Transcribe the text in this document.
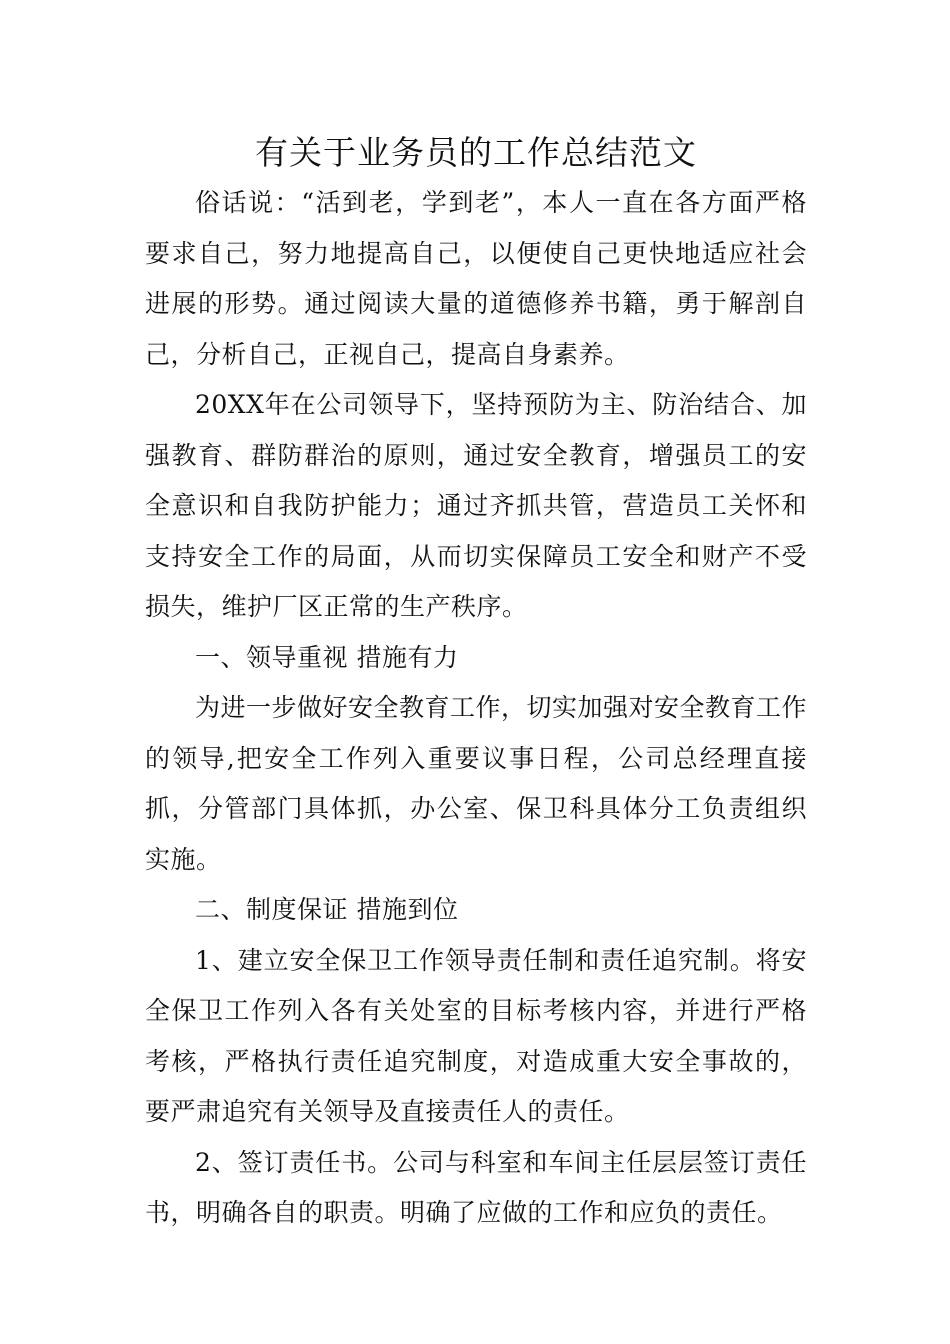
有关于业务员的工作总结范文

俗话说：“活到老，学到老”，本人一直在各方面严格要求自己，努力地提高自己，以便使自己更快地适应社会进展的形势。通过阅读大量的道德修养书籍，勇于解剖自己，分析自己，正视自己，提高自身素养。

20XX年在公司领导下，坚持预防为主、防治结合、加强教育、群防群治的原则，通过安全教育，增强员工的安全意识和自我防护能力；通过齐抓共管，营造员工关怀和支持安全工作的局面，从而切实保障员工安全和财产不受损失，维护厂区正常的生产秩序。

一、领导重视 措施有力

为进一步做好安全教育工作，切实加强对安全教育工作的领导,把安全工作列入重要议事日程，公司总经理直接抓，分管部门具体抓，办公室、保卫科具体分工负责组织实施。

二、制度保证 措施到位

1、建立安全保卫工作领导责任制和责任追究制。将安全保卫工作列入各有关处室的目标考核内容，并进行严格考核，严格执行责任追究制度，对造成重大安全事故的，要严肃追究有关领导及直接责任人的责任。

2、签订责任书。公司与科室和车间主任层层签订责任书，明确各自的职责。明确了应做的工作和应负的责任。
